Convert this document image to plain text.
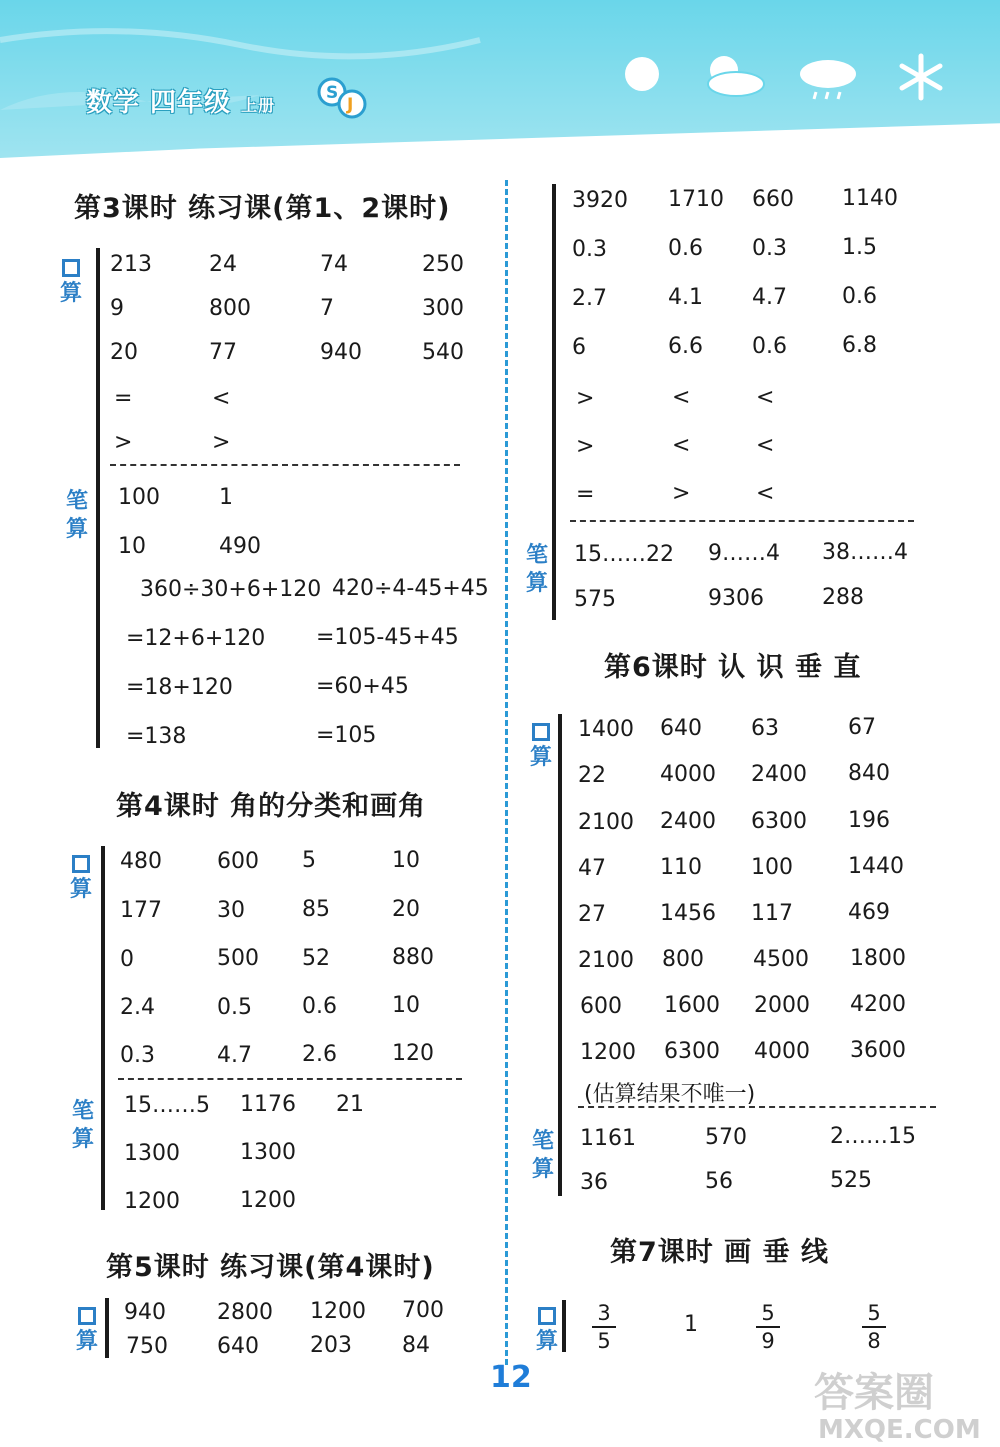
数学 四年级 上册
S
J
第3课时 练习课(第1、2课时)
算
213	24	74	250
9	800	7	300
20	77	940	540
=	<
>	>
笔算
100	1
10	490
360÷30+6+120 420÷4-45+45
=12+6+120 =105-45+45
=18+120	=60+45
=138	=105
第4课时 角的分类和画角
算
480	600 5	10
177	30	85	20
0	500 52	880
2.4	0.5 0.6	10
0.3	4.7 2.6	120
笔算
15……5 1176 21
1300	1300
1200	1200
第5课时 练习课(第4课时)
算
940 2800 1200 700
750 640 203 84
3920 1710 660 1140
0.3	0.6 0.3	1.5
2.7	4.1 4.7	0.6
6	6.6 0.6	6.8
>	<	<
>	<	<
=	>	<
笔算
15……22 9……4 38……4
575	9306	288
第6课时 认 识 垂 直
算
1400 640 63	67
22 4000 2400 840
2100 2400 6300 196
47 110 100	1440
27 1456 117	469
2100 800 4500 1800
600 1600 2000 4200
1200 6300 4000 3600
(估算结果不唯一)
笔算
1161	570	2……15
36	56	525
第7课时 画 垂 线
算 $\frac{3}{5}$	1	$\frac{5}{9}$	$\frac{5}{8}$
12	答案圈
MXQE.COM
